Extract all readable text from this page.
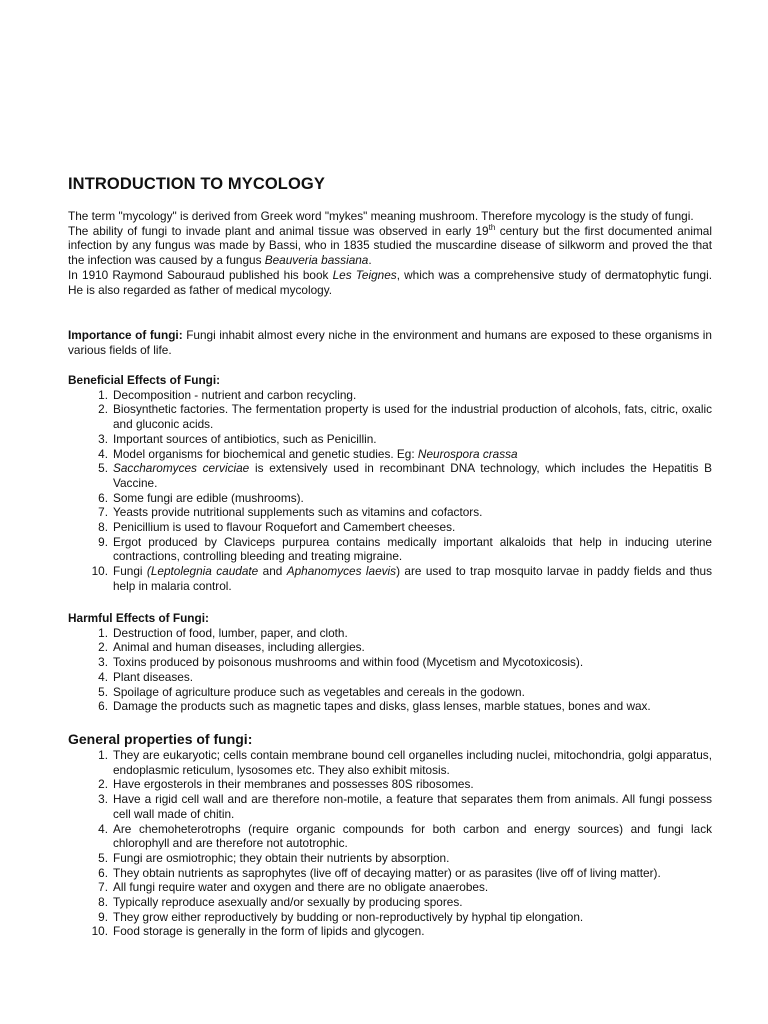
INTRODUCTION TO MYCOLOGY

The term "mycology" is derived from Greek word "mykes" meaning mushroom. Therefore mycology is the study of fungi.

The ability of fungi to invade plant and animal tissue was observed in early 19th century but the first documented animal infection by any fungus was made by Bassi, who in 1835 studied the muscardine disease of silkworm and proved the that the infection was caused by a fungus Beauveria bassiana.

In 1910 Raymond Sabouraud published his book Les Teignes, which was a comprehensive study of dermatophytic fungi. He is also regarded as father of medical mycology.

Importance of fungi: Fungi inhabit almost every niche in the environment and humans are exposed to these organisms in various fields of life.

Beneficial Effects of Fungi:

1. Decomposition - nutrient and carbon recycling.
2. Biosynthetic factories. The fermentation property is used for the industrial production of alcohols, fats, citric, oxalic and gluconic acids.
3. Important sources of antibiotics, such as Penicillin.
4. Model organisms for biochemical and genetic studies. Eg: Neurospora crassa
5. Saccharomyces cerviciae is extensively used in recombinant DNA technology, which includes the Hepatitis B Vaccine.
6. Some fungi are edible (mushrooms).
7. Yeasts provide nutritional supplements such as vitamins and cofactors.
8. Penicillium is used to flavour Roquefort and Camembert cheeses.
9. Ergot produced by Claviceps purpurea contains medically important alkaloids that help in inducing uterine contractions, controlling bleeding and treating migraine.
10. Fungi (Leptolegnia caudate and Aphanomyces laevis) are used to trap mosquito larvae in paddy fields and thus help in malaria control.

Harmful Effects of Fungi:

1. Destruction of food, lumber, paper, and cloth.
2. Animal and human diseases, including allergies.
3. Toxins produced by poisonous mushrooms and within food (Mycetism and Mycotoxicosis).
4. Plant diseases.
5. Spoilage of agriculture produce such as vegetables and cereals in the godown.
6. Damage the products such as magnetic tapes and disks, glass lenses, marble statues, bones and wax.

General properties of fungi:

1. They are eukaryotic; cells contain membrane bound cell organelles including nuclei, mitochondria, golgi apparatus, endoplasmic reticulum, lysosomes etc. They also exhibit mitosis.
2. Have ergosterols in their membranes and possesses 80S ribosomes.
3. Have a rigid cell wall and are therefore non-motile, a feature that separates them from animals. All fungi possess cell wall made of chitin.
4. Are chemoheterotrophs (require organic compounds for both carbon and energy sources) and fungi lack chlorophyll and are therefore not autotrophic.
5. Fungi are osmiotrophic; they obtain their nutrients by absorption.
6. They obtain nutrients as saprophytes (live off of decaying matter) or as parasites (live off of living matter).
7. All fungi require water and oxygen and there are no obligate anaerobes.
8. Typically reproduce asexually and/or sexually by producing spores.
9. They grow either reproductively by budding or non-reproductively by hyphal tip elongation.
10. Food storage is generally in the form of lipids and glycogen.
